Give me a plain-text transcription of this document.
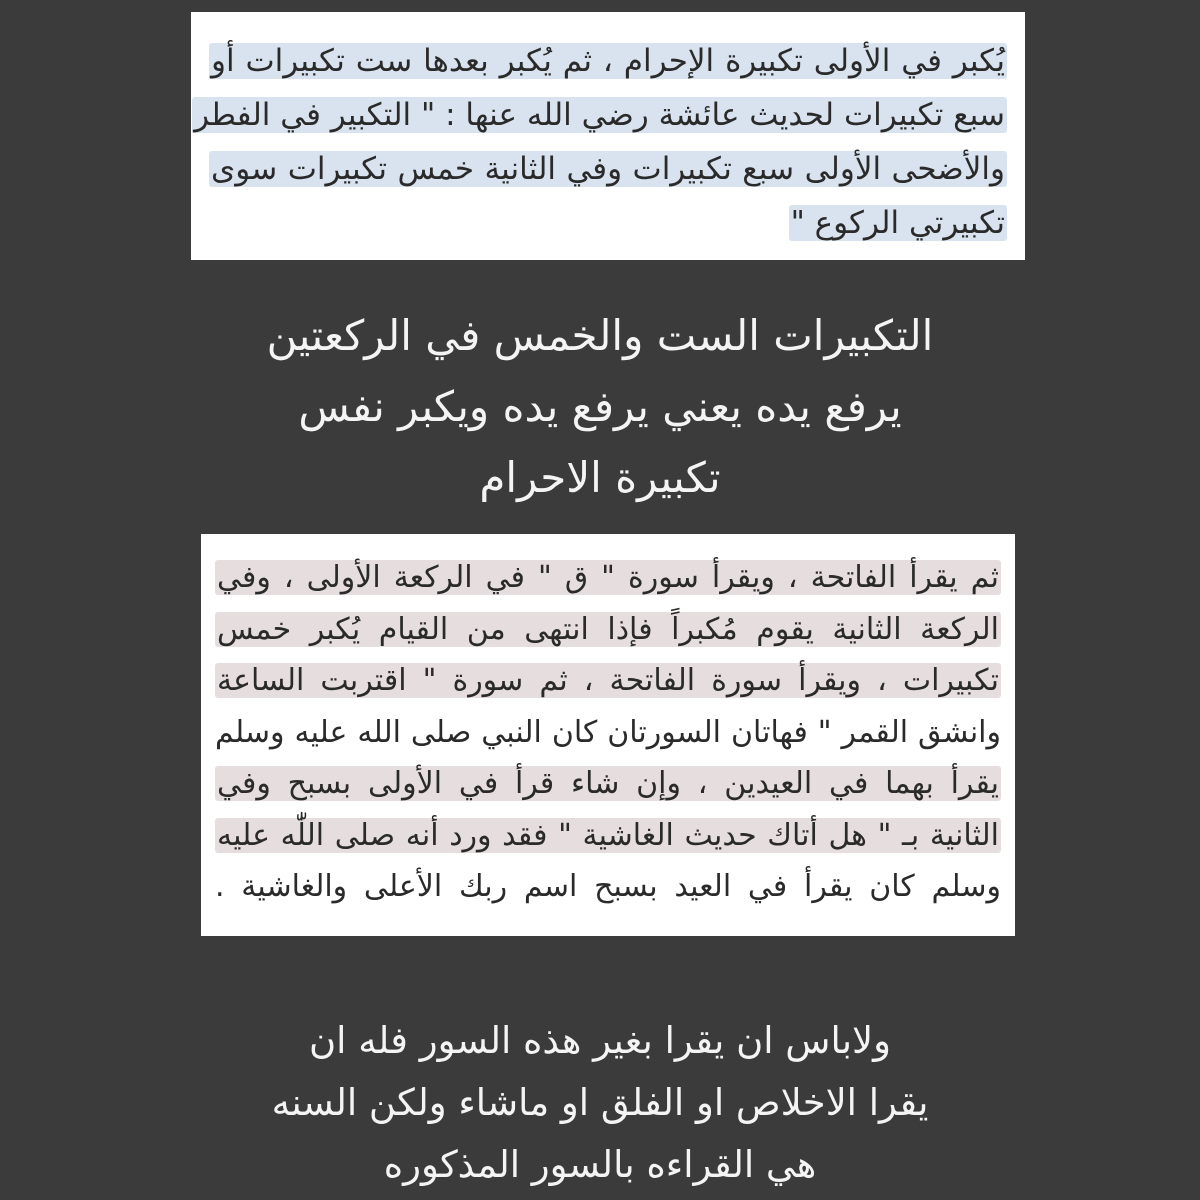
يُكبر في الأولى تكبيرة الإحرام ، ثم يُكبر بعدها ست تكبيرات أو
سبع تكبيرات لحديث عائشة رضي الله عنها : " التكبير في الفطر
والأضحى الأولى سبع تكبيرات وفي الثانية خمس تكبيرات سوى
تكبيرتي الركوع "
التكبيرات الست والخمس في الركعتين
يرفع يده يعني يرفع يده ويكبر نفس
تكبيرة الاحرام
ثم يقرأ الفاتحة ، ويقرأ سورة " ق " في الركعة الأولى ، وفي
الركعة الثانية يقوم مُكبراً فإذا انتهى من القيام يُكبر خمس
تكبيرات ، ويقرأ سورة الفاتحة ، ثم سورة " اقتربت الساعة
وانشق القمر " فهاتان السورتان كان النبي صلى الله عليه وسلم
يقرأ بهما في العيدين ، وإن شاء قرأ في الأولى بسبح وفي
الثانية بـ " هل أتاك حديث الغاشية " فقد ورد أنه صلى اللّٰه عليه
وسلم كان يقرأ في العيد بسبح اسم ربك الأعلى والغاشية .
ولاباس ان يقرا بغير هذه السور فله ان
يقرا الاخلاص او الفلق او ماشاء ولكن السنه
هي القراءه بالسور المذكوره
